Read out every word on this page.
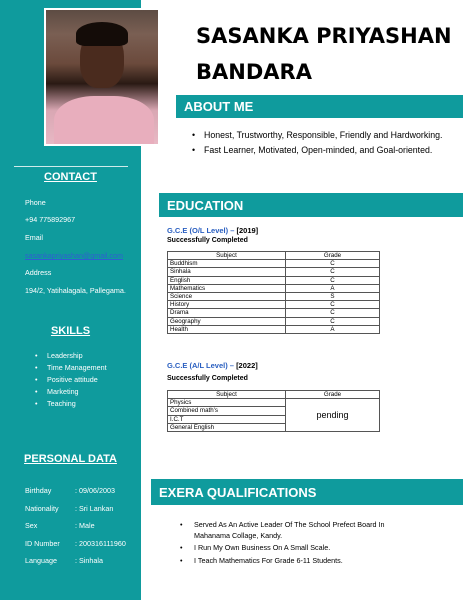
CONTACT
Phone
+94 775892967
Email
sasankapriyashan@gmail.com
Address
194/2, Yatihalagala, Pallegama.
SKILLS
• Leadership
• Time Management
• Positive attitude
• Marketing
• Teaching
PERSONAL DATA
Birthday	: 09/06/2003
Nationality : Sri Lankan
Sex	: Male
ID Number : 200316111960
Language	: Sinhala
SASANKA PRIYASHAN
BANDARA
ABOUT ME
• Honest, Trustworthy, Responsible, Friendly and Hardworking.
• Fast Learner, Motivated, Open-minded, and Goal-oriented.
EDUCATION
G.C.E (O/L Level) – [2019]
Successfully Completed
Subject	Grade
Buddhism	C
Sinhala	C
English	C
Mathematics	A
Science	S
History	C
Drama	C
Geography	C
Health	A
G.C.E (A/L Level) – [2022]
Successfully Completed
Subject	Grade
Physics	pending
Combined math's	
I.C.T	
General English	
EXERA QUALIFICATIONS
• Served As An Active Leader Of The School Prefect Board In Mahanama Collage, Kandy.
• I Run My Own Business On A Small Scale.
• I Teach Mathematics For Grade 6-11 Students.
